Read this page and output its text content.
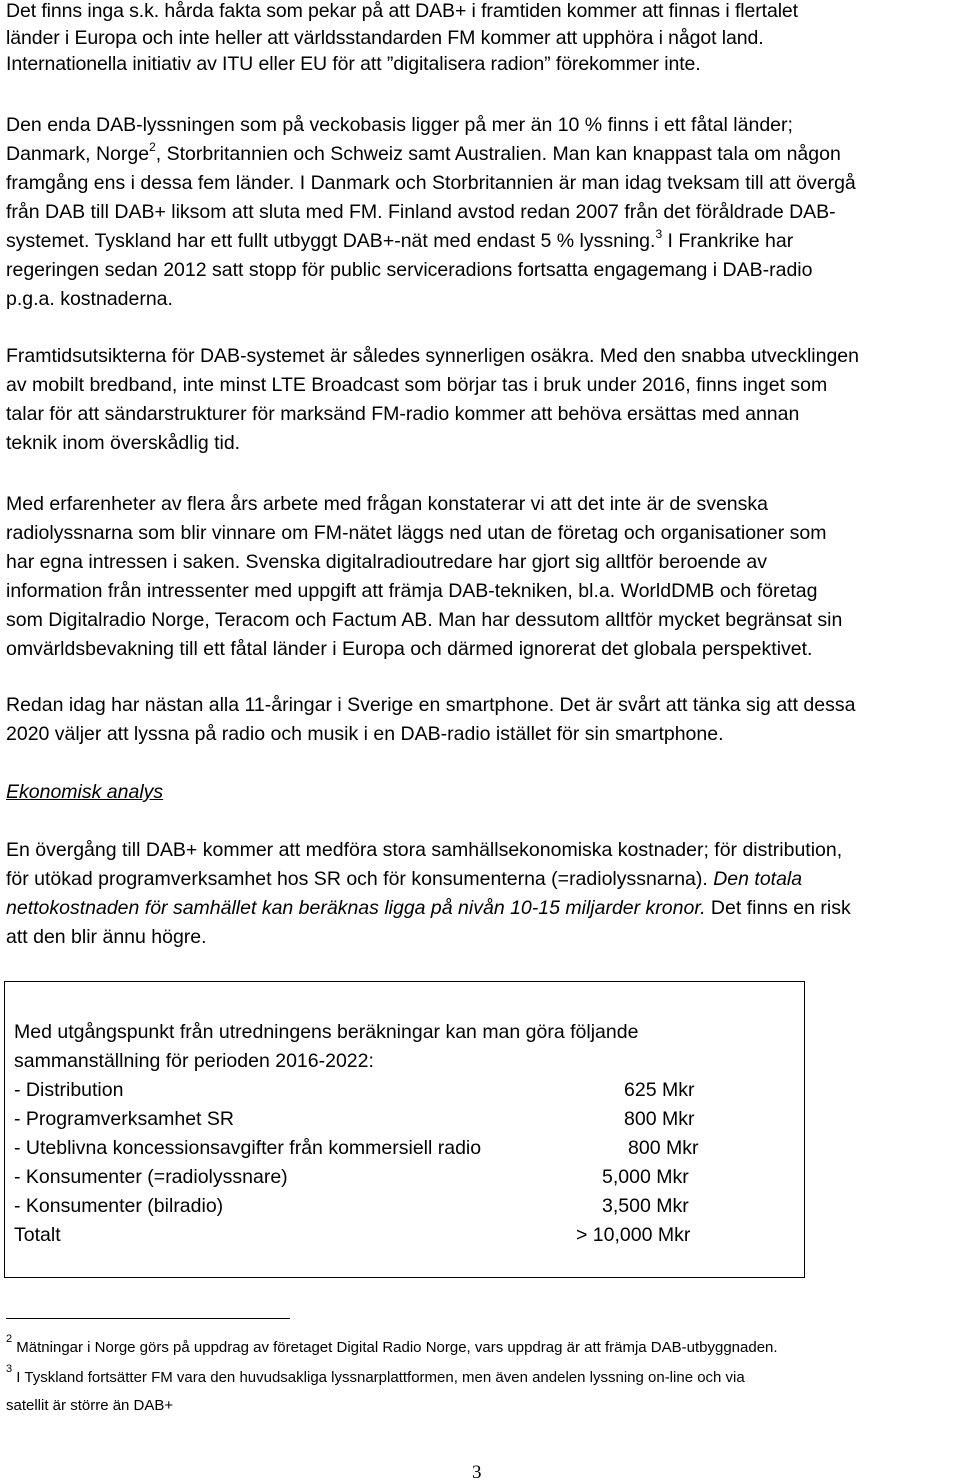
Det finns inga s.k. hårda fakta som pekar på att DAB+ i framtiden kommer att finnas i flertalet
länder i Europa och inte heller att världsstandarden FM kommer att upphöra i något land.
Internationella initiativ av ITU eller EU för att ”digitalisera radion” förekommer inte.
Den enda DAB-lyssningen som på veckobasis ligger på mer än 10 % finns i ett fåtal länder;
Danmark, Norge$^2$, Storbritannien och Schweiz samt Australien. Man kan knappast tala om någon
framgång ens i dessa fem länder. I Danmark och Storbritannien är man idag tveksam till att övergå
från DAB till DAB+ liksom att sluta med FM. Finland avstod redan 2007 från det föråldrade DAB-
systemet. Tyskland har ett fullt utbyggt DAB+-nät med endast 5 % lyssning.$^3$ I Frankrike har
regeringen sedan 2012 satt stopp för public serviceradions fortsatta engagemang i DAB-radio
p.g.a. kostnaderna.
Framtidsutsikterna för DAB-systemet är således synnerligen osäkra. Med den snabba utvecklingen
av mobilt bredband, inte minst LTE Broadcast som börjar tas i bruk under 2016, finns inget som
talar för att sändarstrukturer för marksänd FM-radio kommer att behöva ersättas med annan
teknik inom överskådlig tid.
Med erfarenheter av flera års arbete med frågan konstaterar vi att det inte är de svenska
radiolyssnarna som blir vinnare om FM-nätet läggs ned utan de företag och organisationer som
har egna intressen i saken. Svenska digitalradioutredare har gjort sig alltför beroende av
information från intressenter med uppgift att främja DAB-tekniken, bl.a. WorldDMB och företag
som Digitalradio Norge, Teracom och Factum AB. Man har dessutom alltför mycket begränsat sin
omvärldsbevakning till ett fåtal länder i Europa och därmed ignorerat det globala perspektivet.
Redan idag har nästan alla 11-åringar i Sverige en smartphone. Det är svårt att tänka sig att dessa
2020 väljer att lyssna på radio och musik i en DAB-radio istället för sin smartphone.
Ekonomisk analys
En övergång till DAB+ kommer att medföra stora samhällsekonomiska kostnader; för distribution,
för utökad programverksamhet hos SR och för konsumenterna (=radiolyssnarna). Den totala
nettokostnaden för samhället kan beräknas ligga på nivån 10-15 miljarder kronor. Det finns en risk
att den blir ännu högre.
Med utgångspunkt från utredningens beräkningar kan man göra följande
sammanställning för perioden 2016-2022:
- Distribution	625 Mkr
- Programverksamhet SR	800 Mkr
- Uteblivna koncessionsavgifter från kommersiell radio	800 Mkr
- Konsumenter (=radiolyssnare)	5,000 Mkr
- Konsumenter (bilradio)	3,500 Mkr
Totalt	> 10,000 Mkr
$^2$ Mätningar i Norge görs på uppdrag av företaget Digital Radio Norge, vars uppdrag är att främja DAB-utbyggnaden.
$^3$ I Tyskland fortsätter FM vara den huvudsakliga lyssnarplattformen, men även andelen lyssning on-line och via
satellit är större än DAB+
3
